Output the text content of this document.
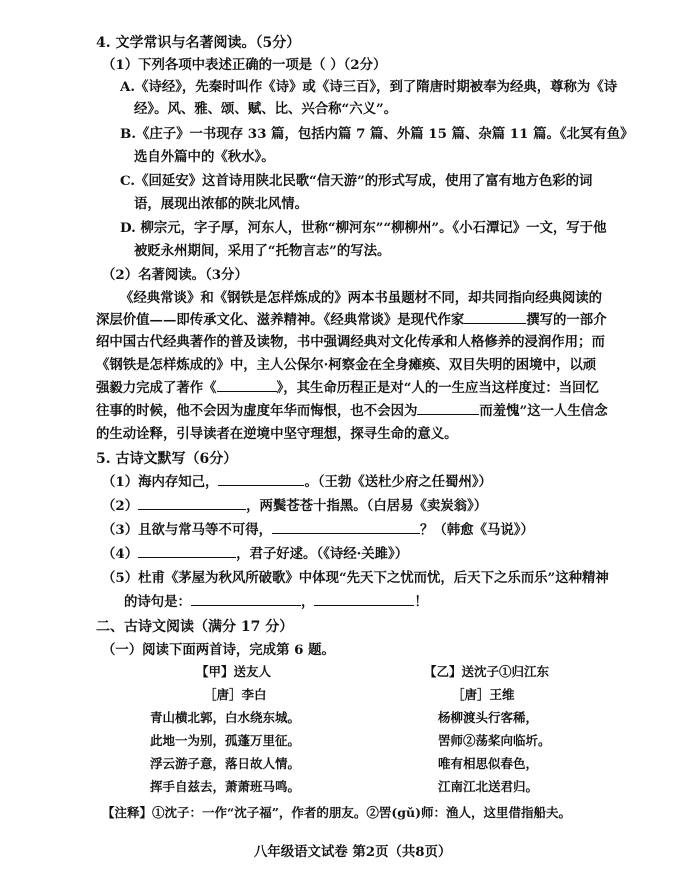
4. 文学常识与名著阅读。（5分）
（1）下列各项中表述正确的一项是（ ）（2分）
A.《诗经》，先秦时叫作《诗》或《诗三百》，到了隋唐时期被奉为经典，尊称为《诗
经》。风、雅、颂、赋、比、兴合称“六义”。
B.《庄子》一书现存 33 篇，包括内篇 7 篇、外篇 15 篇、杂篇 11 篇。《北冥有鱼》
选自外篇中的《秋水》。
C.《回延安》这首诗用陕北民歌“信天游”的形式写成，使用了富有地方色彩的词
语，展现出浓郁的陕北风情。
D. 柳宗元，字子厚，河东人，世称“柳河东”“柳柳州”。《小石潭记》一文，写于他
被贬永州期间，采用了“托物言志”的写法。
（2）名著阅读。（3分）
《经典常谈》和《钢铁是怎样炼成的》两本书虽题材不同，却共同指向经典阅读的
深层价值——即传承文化、滋养精神。《经典常谈》是现代作家	撰写的一部介
绍中国古代经典著作的普及读物，书中强调经典对文化传承和人格修养的浸润作用；而
《钢铁是怎样炼成的》中，主人公保尔·柯察金在全身瘫痪、双目失明的困境中，以顽
强毅力完成了著作《	》，其生命历程正是对“人的一生应当这样度过：当回忆
往事的时候，他不会因为虚度年华而悔恨，也不会因为	而羞愧”这一人生信念
的生动诠释，引导读者在逆境中坚守理想，探寻生命的意义。
5. 古诗文默写（6分）
（1）海内存知己，	。（王勃《送杜少府之任蜀州》）
（2）	，两鬓苍苍十指黑。（白居易《卖炭翁》）
（3）且欲与常马等不可得，	？（韩愈《马说》）
（4）	，君子好逑。（《诗经·关雎》）
（5）杜甫《茅屋为秋风所破歌》中体现“先天下之忧而忧，后天下之乐而乐”这种精神
的诗句是：	，	！
二、古诗文阅读（满分 17 分）
（一）阅读下面两首诗，完成第 6 题。
【甲】送友人
［唐］李白
青山横北郭，白水绕东城。
此地一为别，孤蓬万里征。
浮云游子意，落日故人情。
挥手自兹去，萧萧班马鸣。
【乙】送沈子①归江东
［唐］王维
杨柳渡头行客稀，
罟师②荡桨向临圻。
唯有相思似春色，
江南江北送君归。
【注释】①沈子：一作“沈子福”，作者的朋友。②罟(gǔ)师：渔人，这里借指船夫。
八年级语文试卷 第2页（共8页）
